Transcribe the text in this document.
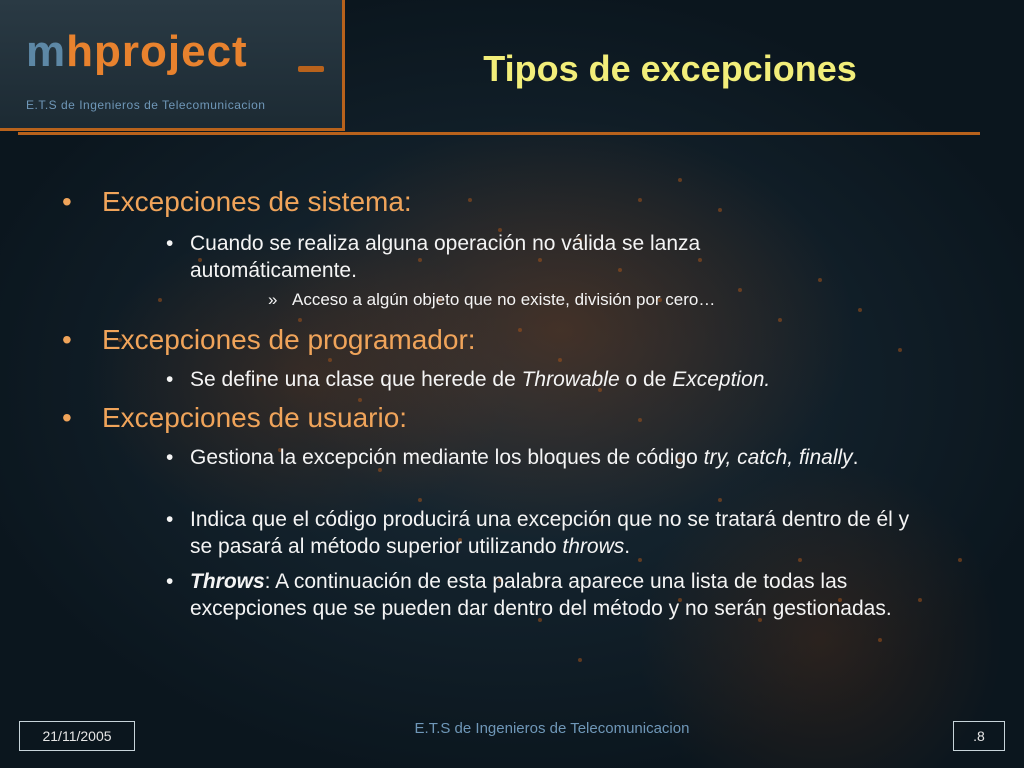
mhproject
E.T.S de Ingenieros de Telecomunicacion
Tipos de excepciones
• Excepciones de sistema:
• Cuando se realiza alguna operación no válida se lanza automáticamente.
» Acceso a algún objeto que no existe, división por cero…
• Excepciones de programador:
• Se define una clase que herede de Throwable o de Exception.
• Excepciones de usuario:
• Gestiona la excepción mediante los bloques de código try, catch, finally.
• Indica que el código producirá una excepción que no se tratará dentro de él y se pasará al método superior utilizando throws.
• Throws: A continuación de esta palabra aparece una lista de todas las excepciones que se pueden dar dentro del método y no serán gestionadas.
21/11/2005	E.T.S de Ingenieros de Telecomunicacion	.8
